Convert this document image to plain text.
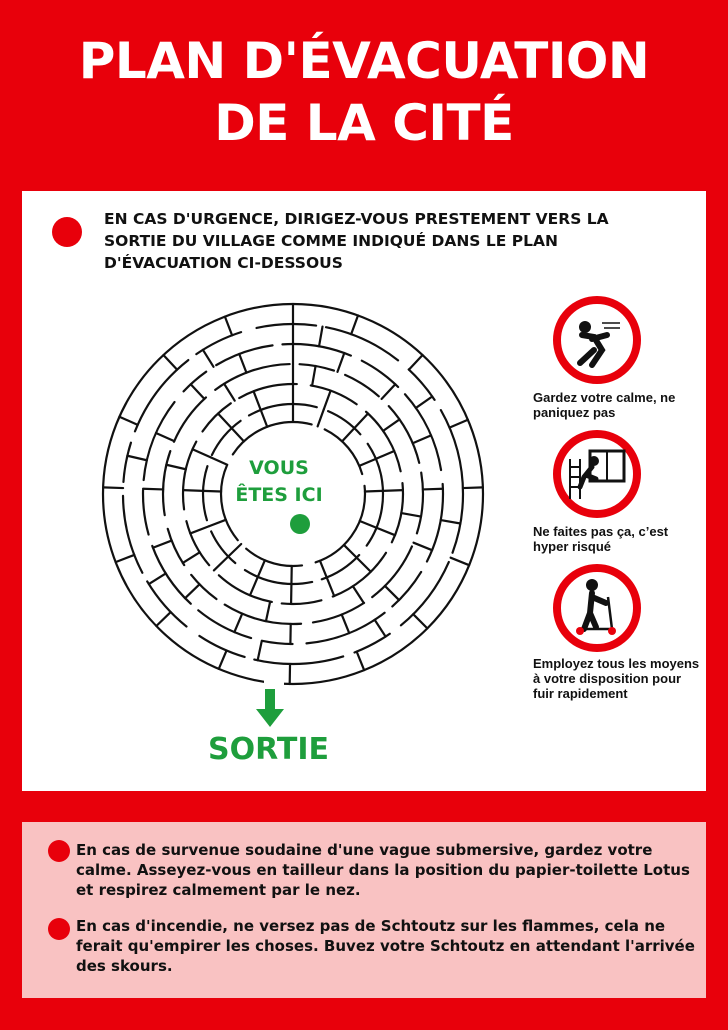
PLAN D'ÉVACUATION
DE LA CITÉ
EN CAS D'URGENCE, DIRIGEZ-VOUS PRESTEMENT VERS LA SORTIE DU VILLAGE COMME INDIQUÉ DANS LE PLAN D'ÉVACUATION CI-DESSOUS
VOUS
ÊTES ICI
SORTIE
Gardez votre calme, ne paniquez pas
Ne faites pas ça, c’est hyper risqué
Employez tous les moyens à votre disposition pour fuir rapidement
En cas de survenue soudaine d'une vague submersive, gardez votre calme. Asseyez-vous en tailleur dans la position du papier-toilette Lotus et respirez calmement par le nez.
En cas d'incendie, ne versez pas de Schtoutz sur les flammes, cela ne ferait qu'empirer les choses. Buvez votre Schtoutz en attendant l'arrivée des skours.
